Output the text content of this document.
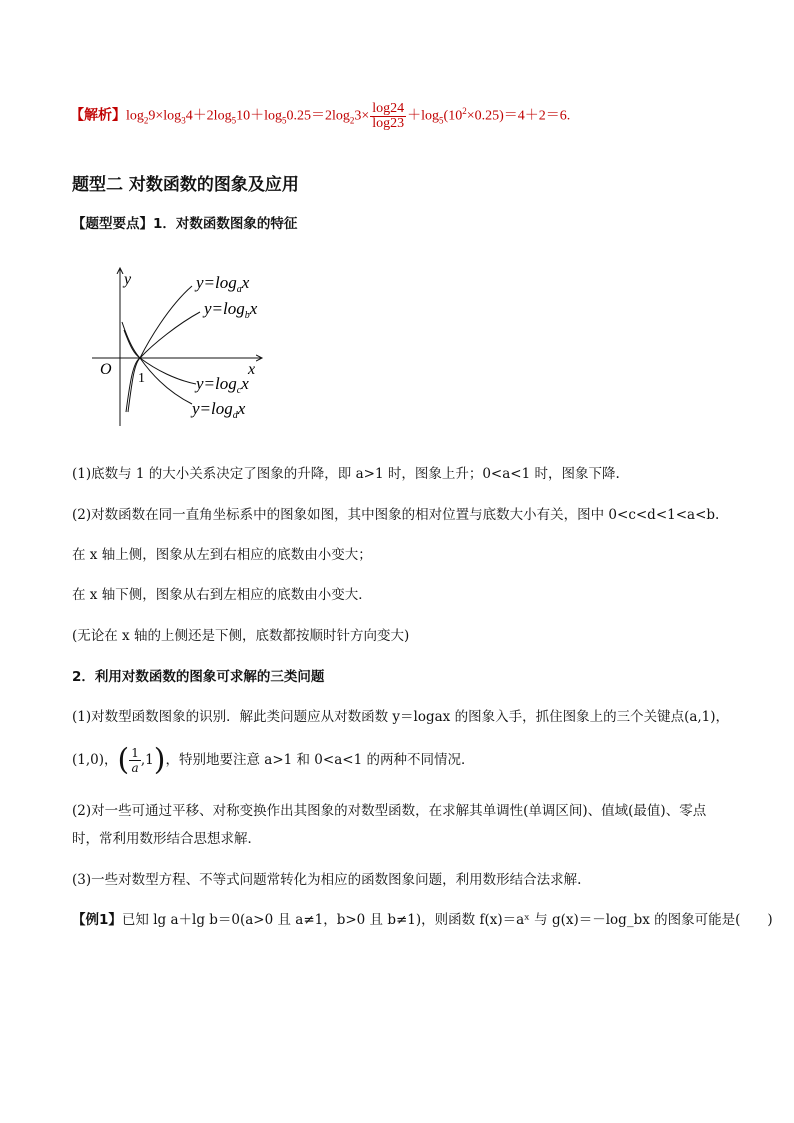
【解析】$\log_29\times\log_34+2\log_510+\log_50.25=2\log_23\times \frac{\log 24}{\log 23} +\log_5(10^2\times 0.25)=4+2=6$.
题型二 对数函数的图象及应用
【题型要点】1．对数函数图象的特征
y
x
O
1
$y=\log_ax$
$y=\log_bx$
$y=\log_cx$
$y=\log_dx$
(1)底数与 1 的大小关系决定了图象的升降，即 a>1 时，图象上升；0<a<1 时，图象下降.
(2)对数函数在同一直角坐标系中的图象如图，其中图象的相对位置与底数大小有关，图中 0<c<d<1<a<b.
在 x 轴上侧，图象从左到右相应的底数由小变大；
在 x 轴下侧，图象从右到左相应的底数由小变大．
(无论在 x 轴的上侧还是下侧，底数都按顺时针方向变大)
2．利用对数函数的图象可求解的三类问题
(1)对数型函数图象的识别．解此类问题应从对数函数 y＝logax 的图象入手，抓住图象上的三个关键点(a,1)，
(1,0)，( $\frac{1}{a} ,1$)，特别地要注意 a>1 和 0<a<1 的两种不同情况．
(2)对一些可通过平移、对称变换作出其图象的对数型函数，在求解其单调性(单调区间)、值域(最值)、零点
时，常利用数形结合思想求解．
(3)一些对数型方程、不等式问题常转化为相应的函数图象问题，利用数形结合法求解.
【例1】已知 lg a＋lg b＝0(a>0 且 a≠1，b>0 且 b≠1)，则函数 f(x)＝aˣ 与 g(x)＝－log_bx 的图象可能是(　　)
